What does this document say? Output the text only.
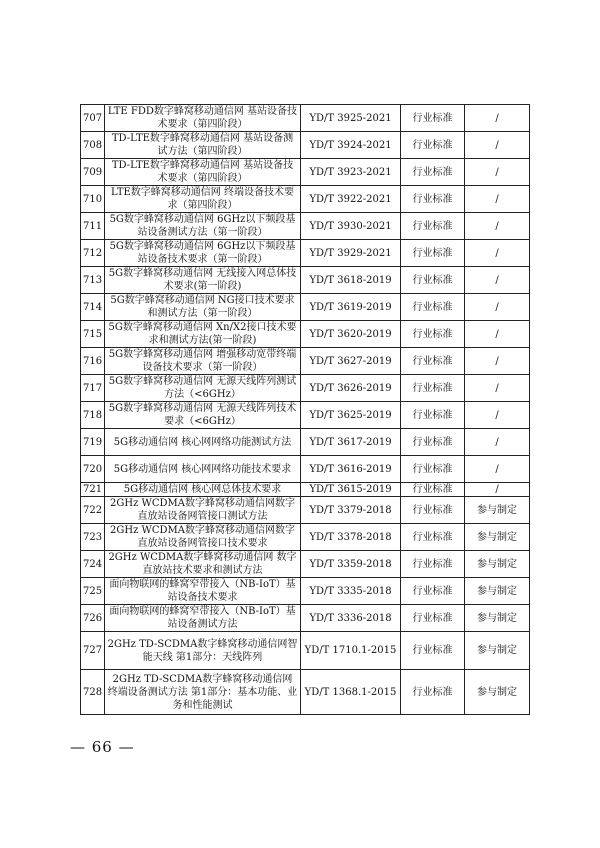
707	LTE FDD数字蜂窝移动通信网 基站设备技术要求（第四阶段）	YD/T 3925-2021	行业标准	/
708	TD-LTE数字蜂窝移动通信网 基站设备测试方法（第四阶段）	YD/T 3924-2021	行业标准	/
709	TD-LTE数字蜂窝移动通信网 基站设备技术要求（第四阶段）	YD/T 3923-2021	行业标准	/
710	LTE数字蜂窝移动通信网 终端设备技术要求（第四阶段）	YD/T 3922-2021	行业标准	/
711	5G数字蜂窝移动通信网 6GHz以下频段基站设备测试方法（第一阶段）	YD/T 3930-2021	行业标准	/
712	5G数字蜂窝移动通信网 6GHz以下频段基站设备技术要求（第一阶段）	YD/T 3929-2021	行业标准	/
713	5G数字蜂窝移动通信网 无线接入网总体技术要求(第一阶段)	YD/T 3618-2019	行业标准	/
714	5G数字蜂窝移动通信网 NG接口技术要求和测试方法（第一阶段）	YD/T 3619-2019	行业标准	/
715	5G数字蜂窝移动通信网 Xn/X2接口技术要求和测试方法(第一阶段)	YD/T 3620-2019	行业标准	/
716	5G数字蜂窝移动通信网 增强移动宽带终端设备技术要求（第一阶段）	YD/T 3627-2019	行业标准	/
717	5G数字蜂窝移动通信网 无源天线阵列测试方法（<6GHz）	YD/T 3626-2019	行业标准	/
718	5G数字蜂窝移动通信网 无源天线阵列技术要求（<6GHz）	YD/T 3625-2019	行业标准	/
719	5G移动通信网 核心网网络功能测试方法	YD/T 3617-2019	行业标准	/
720	5G移动通信网 核心网网络功能技术要求	YD/T 3616-2019	行业标准	/
721	5G移动通信网 核心网总体技术要求	YD/T 3615-2019	行业标准	/
722	2GHz WCDMA数字蜂窝移动通信网数字直放站设备网管接口测试方法	YD/T 3379-2018	行业标准	参与制定
723	2GHz WCDMA数字蜂窝移动通信网数字直放站设备网管接口技术要求	YD/T 3378-2018	行业标准	参与制定
724	2GHz WCDMA数字蜂窝移动通信网 数字直放站技术要求和测试方法	YD/T 3359-2018	行业标准	参与制定
725	面向物联网的蜂窝窄带接入（NB-IoT）基站设备技术要求	YD/T 3335-2018	行业标准	参与制定
726	面向物联网的蜂窝窄带接入（NB-IoT）基站设备测试方法	YD/T 3336-2018	行业标准	参与制定
727	2GHz TD-SCDMA数字蜂窝移动通信网智能天线 第1部分：天线阵列	YD/T 1710.1-2015	行业标准	参与制定
728	2GHz TD-SCDMA数字蜂窝移动通信网 终端设备测试方法 第1部分：基本功能、业务和性能测试	YD/T 1368.1-2015	行业标准	参与制定
— 66 —
